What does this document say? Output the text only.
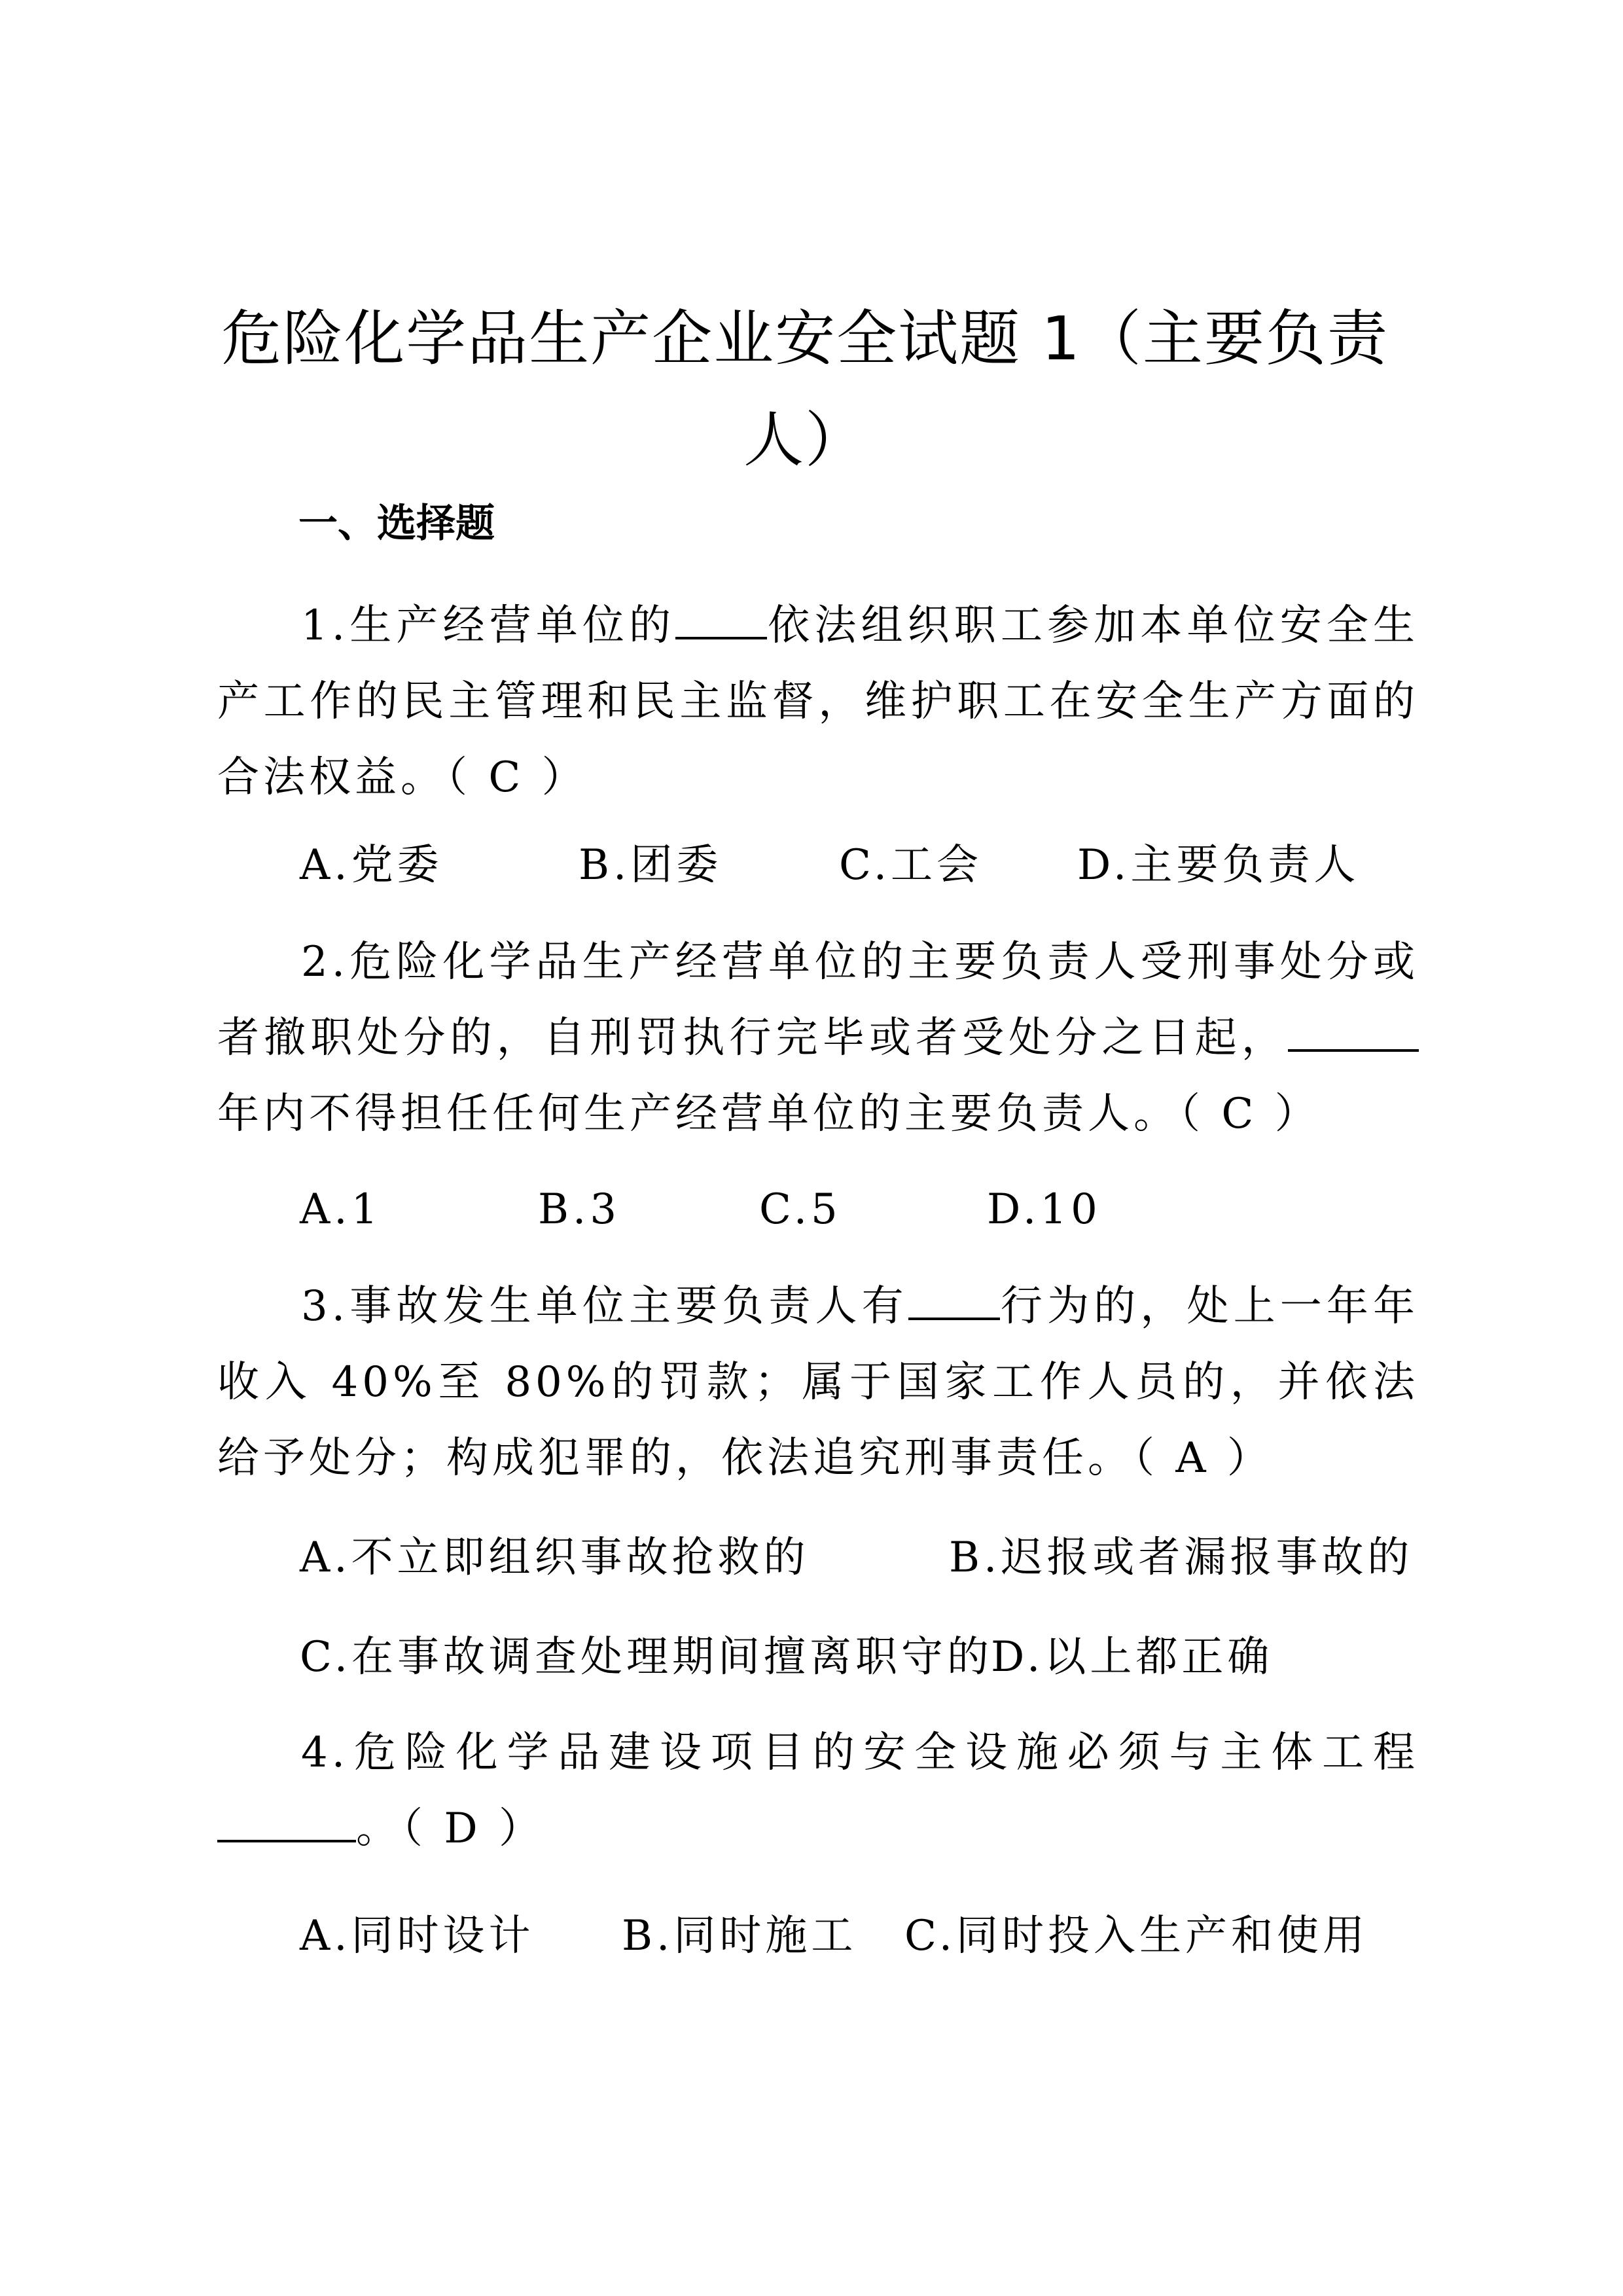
危险化学品生产企业安全试题 1（主要负责
人）
一、选择题
1.生产经营单位的 依法组织职工参加本单位安全生产工作的民主管理和民主监督，维护职工在安全生产方面的合法权益。（ C ）
A.党委	B.团委	C.工会 D.主要负责人
2.危险化学品生产经营单位的主要负责人受刑事处分或者撤职处分的，自刑罚执行完毕或者受处分之日起，年内不得担任任何生产经营单位的主要负责人。（ C ）
A.1	B.3	C.5	D.10
3.事故发生单位主要负责人有 行为的，处上一年年收入 40%至 80%的罚款；属于国家工作人员的，并依法给予处分；构成犯罪的，依法追究刑事责任。（ A ）
A.不立即组织事故抢救的	B.迟报或者漏报事故的
C.在事故调查处理期间擅离职守的
D.以上都正确
4.危险化学品建设项目的安全设施必须与主体工程。（ D ）
A.同时设计 B.同时施工 C.同时投入生产和使用
